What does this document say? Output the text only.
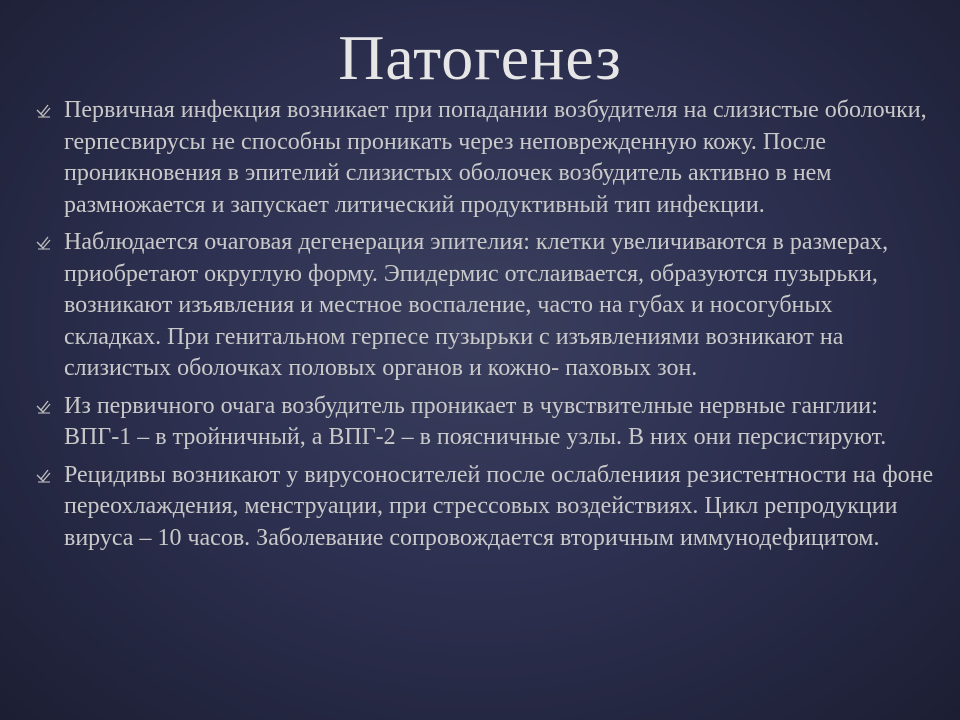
Патогенез
Первичная инфекция возникает при попадании возбудителя на слизистые оболочки, герпесвирусы не способны проникать через неповрежденную кожу. После проникновения в эпителий слизистых оболочек возбудитель активно в нем размножается и запускает литический продуктивный тип инфекции.
Наблюдается очаговая дегенерация эпителия: клетки увеличиваются в размерах, приобретают округлую форму. Эпидермис отслаивается, образуются пузырьки, возникают изъявления и местное воспаление, часто на губах и носогубных складках. При генитальном герпесе пузырьки с изъявлениями возникают на слизистых оболочках половых органов и кожно- паховых зон.
Из первичного очага возбудитель проникает в чувствителные нервные ганглии: ВПГ-1 – в тройничный, а ВПГ-2 – в поясничные узлы. В них они персистируют.
Рецидивы возникают у вирусоносителей после ослаблениия резистентности на фоне переохлаждения, менструации, при стрессовых воздействиях. Цикл репродукции вируса – 10 часов. Заболевание сопровождается вторичным иммунодефицитом.
